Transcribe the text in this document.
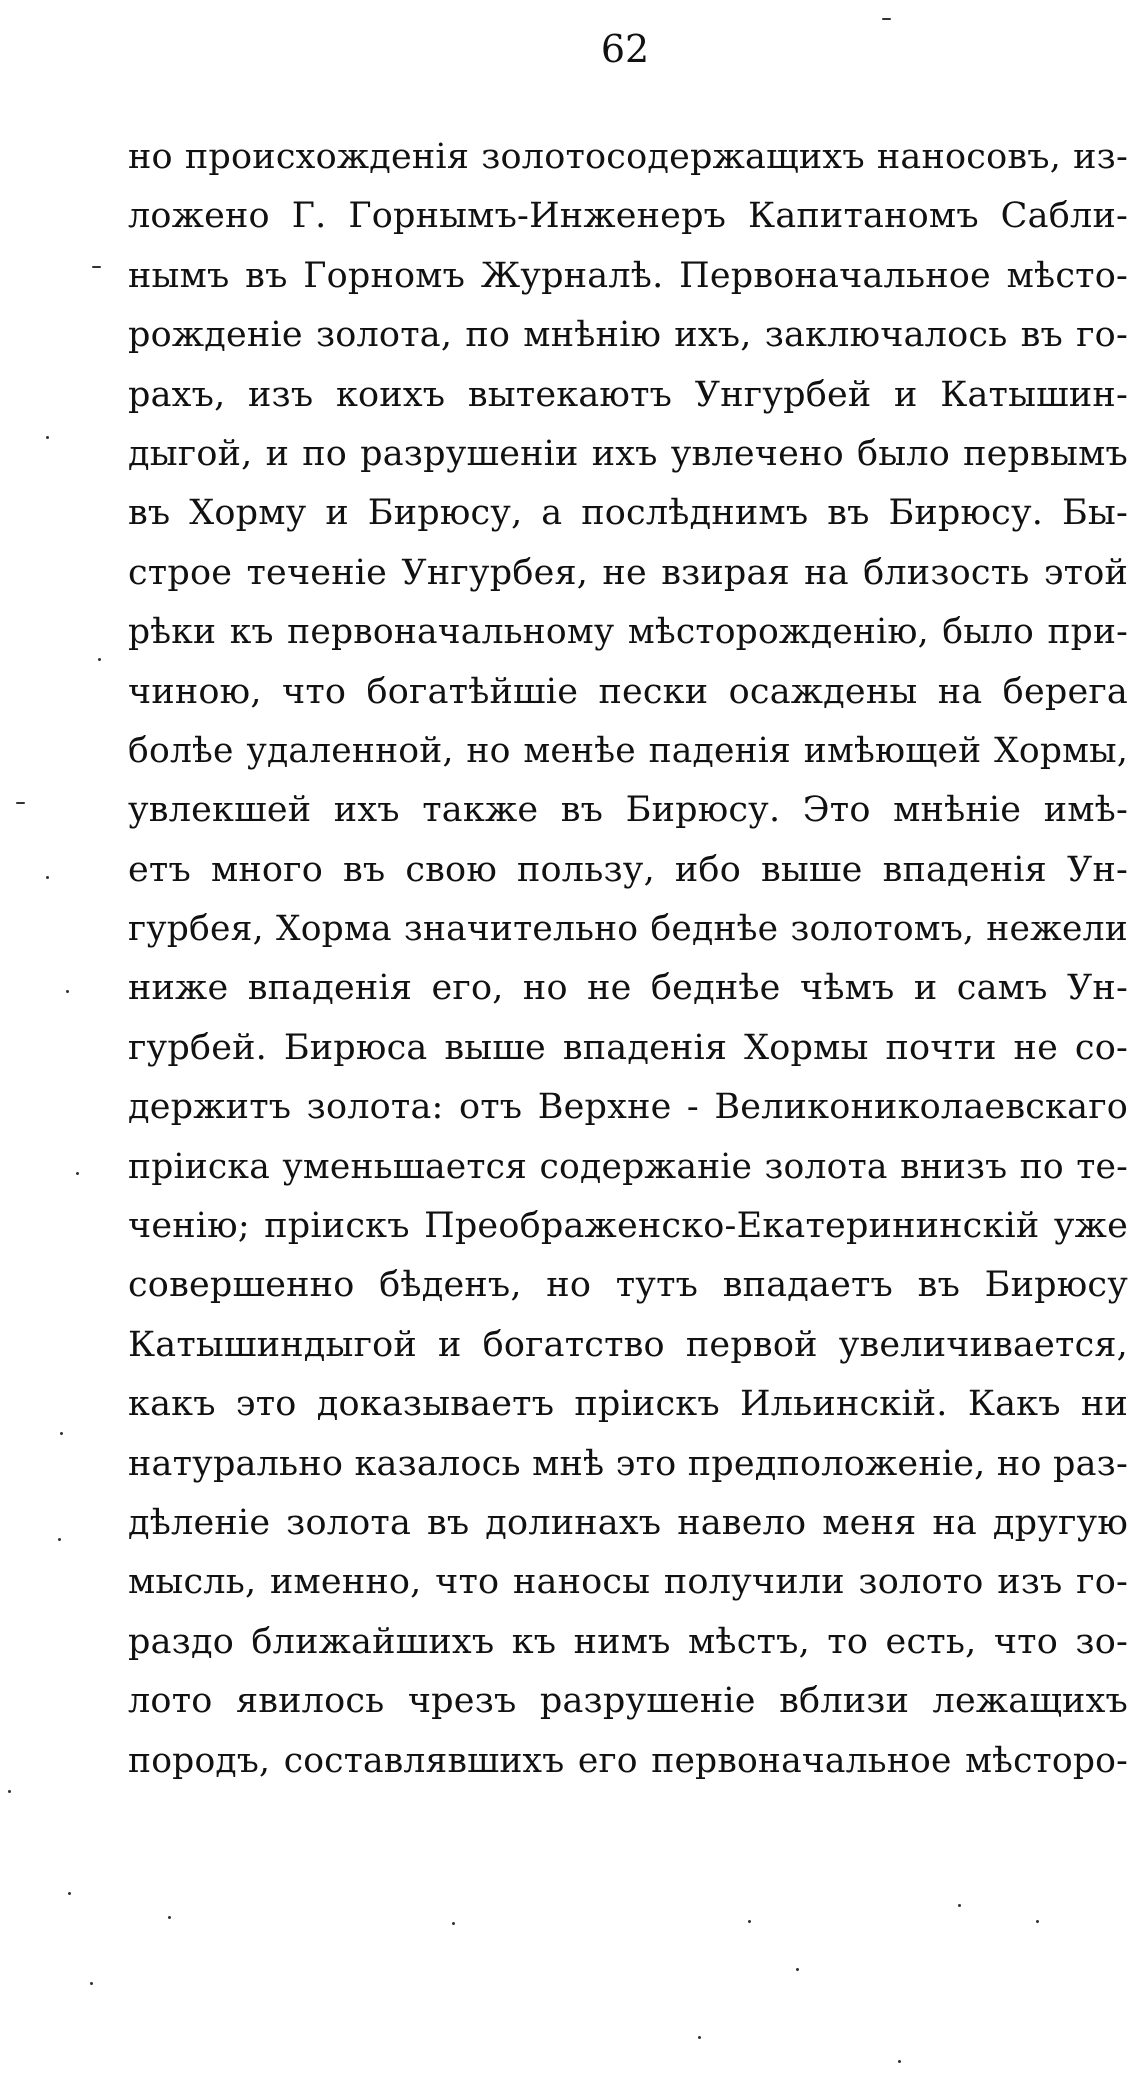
62
но происхожденія золотосодержащихъ наносовъ, из-
ложено Г. Горнымъ-Инженеръ Капитаномъ Сабли-
нымъ въ Горномъ Журналѣ. Первоначальное мѣсто-
рожденіе золота, по мнѣнію ихъ, заключалось въ го-
рахъ, изъ коихъ вытекаютъ Унгурбей и Катышин-
дыгой, и по разрушеніи ихъ увлечено было первымъ
въ Хорму и Бирюсу, а послѣднимъ въ Бирюсу. Бы-
строе теченіе Унгурбея, не взирая на близость этой
рѣки къ первоначальному мѣсторожденію, было при-
чиною, что богатѣйшіе пески осаждены на берега
болѣе удаленной, но менѣе паденія имѣющей Хормы,
увлекшей ихъ также въ Бирюсу. Это мнѣніе имѣ-
етъ много въ свою пользу, ибо выше впаденія Ун-
гурбея, Хорма значительно беднѣе золотомъ, нежели
ниже впаденія его, но не беднѣе чѣмъ и самъ Ун-
гурбей. Бирюса выше впаденія Хормы почти не со-
держитъ золота: отъ Верхне - Великониколаевскаго
пріиска уменьшается содержаніе золота внизъ по те-
ченію; пріискъ Преображенско-Екатерининскій уже
совершенно бѣденъ, но тутъ впадаетъ въ Бирюсу
Катышиндыгой и богатство первой увеличивается,
какъ это доказываетъ пріискъ Ильинскій. Какъ ни
натурально казалось мнѣ это предположеніе, но раз-
дѣленіе золота въ долинахъ навело меня на другую
мысль, именно, что наносы получили золото изъ го-
раздо ближайшихъ къ нимъ мѣстъ, то есть, что зо-
лото явилось чрезъ разрушеніе вблизи лежащихъ
породъ, составлявшихъ его первоначальное мѣсторо-
